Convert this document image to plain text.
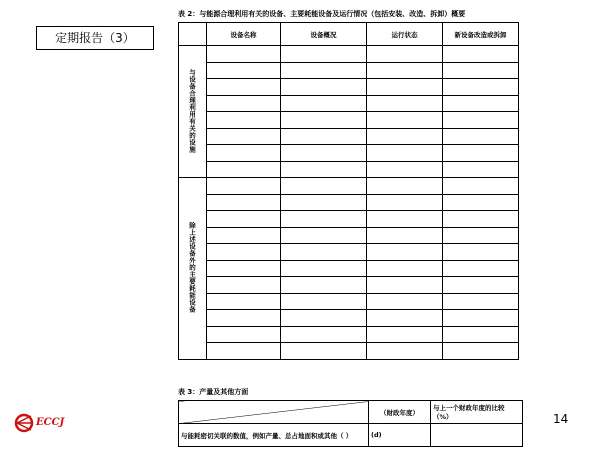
定期报告（3）
表 2：与能源合理利用有关的设备、主要耗能设备及运行情况（包括安装、改造、拆卸）概要
	设备名称	设备概况	运行状态	新设备改造或拆卸
与设备合理利用有关的设施				

除上述设备外的主要耗能设备				

表 3：产量及其他方面
	（财政年度）	与上一个财政年度的比较 （%）
与能耗密切关联的数值，例如产量、总占地面积或其他（ ）	(d)	
ECCJ	14
